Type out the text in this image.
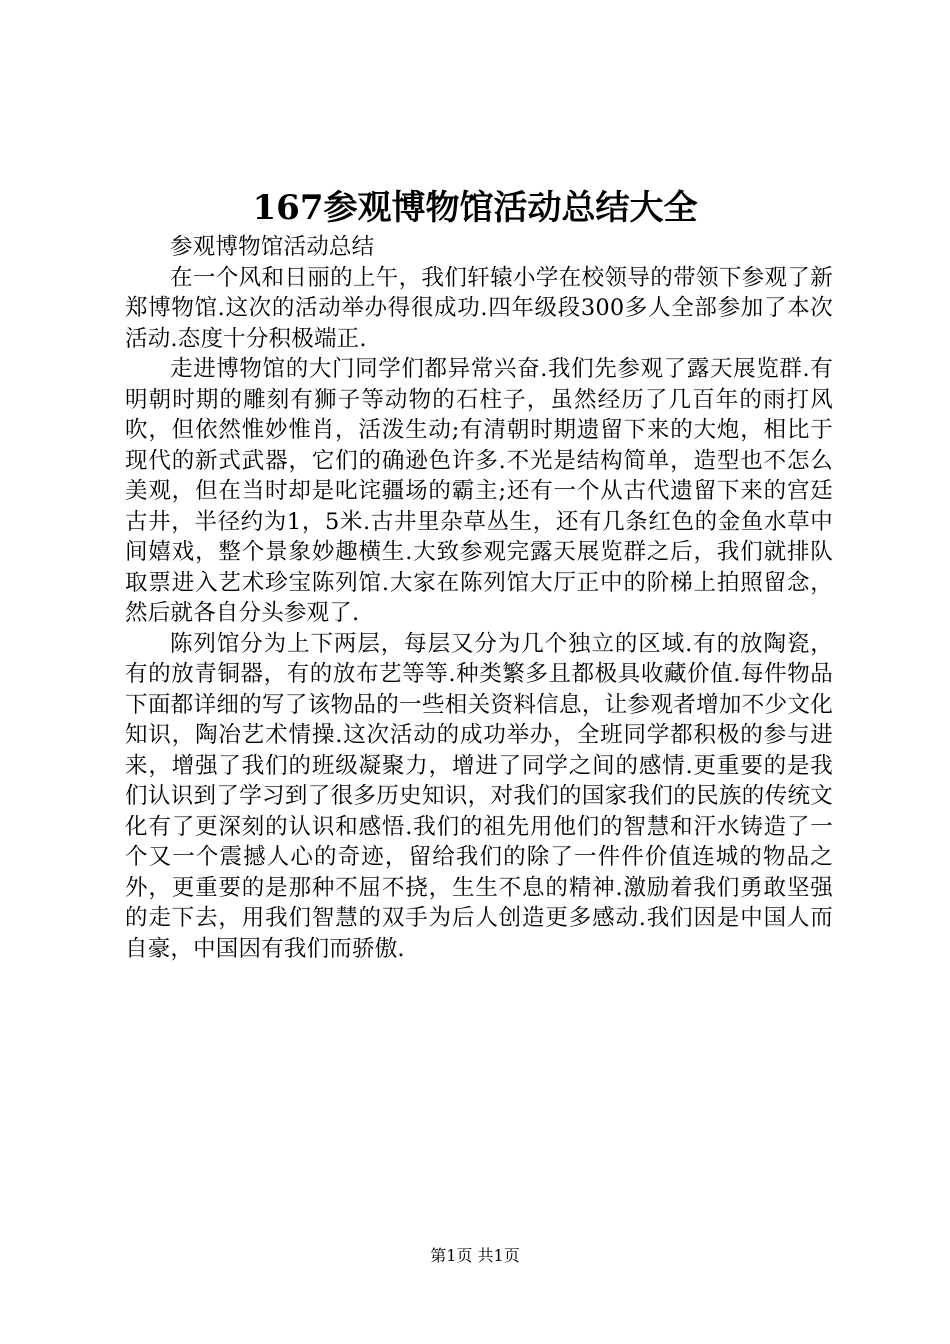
167参观博物馆活动总结大全
参观博物馆活动总结

在一个风和日丽的上午，我们轩辕小学在校领导的带领下参观了新郑博物馆.这次的活动举办得很成功.四年级段300多人全部参加了本次活动.态度十分积极端正.

走进博物馆的大门同学们都异常兴奋.我们先参观了露天展览群.有明朝时期的雕刻有狮子等动物的石柱子，虽然经历了几百年的雨打风吹，但依然惟妙惟肖，活泼生动;有清朝时期遗留下来的大炮，相比于现代的新式武器，它们的确逊色许多.不光是结构简单，造型也不怎么美观，但在当时却是叱诧疆场的霸主;还有一个从古代遗留下来的宫廷古井，半径约为1，5米.古井里杂草丛生，还有几条红色的金鱼水草中间嬉戏，整个景象妙趣横生.大致参观完露天展览群之后，我们就排队取票进入艺术珍宝陈列馆.大家在陈列馆大厅正中的阶梯上拍照留念，然后就各自分头参观了.

陈列馆分为上下两层，每层又分为几个独立的区域.有的放陶瓷，有的放青铜器，有的放布艺等等.种类繁多且都极具收藏价值.每件物品下面都详细的写了该物品的一些相关资料信息，让参观者增加不少文化知识，陶冶艺术情操.这次活动的成功举办，全班同学都积极的参与进来，增强了我们的班级凝聚力，增进了同学之间的感情.更重要的是我们认识到了学习到了很多历史知识，对我们的国家我们的民族的传统文化有了更深刻的认识和感悟.我们的祖先用他们的智慧和汗水铸造了一个又一个震撼人心的奇迹，留给我们的除了一件件价值连城的物品之外，更重要的是那种不屈不挠，生生不息的精神.激励着我们勇敢坚强的走下去，用我们智慧的双手为后人创造更多感动.我们因是中国人而自豪，中国因有我们而骄傲.

第1页 共1页
